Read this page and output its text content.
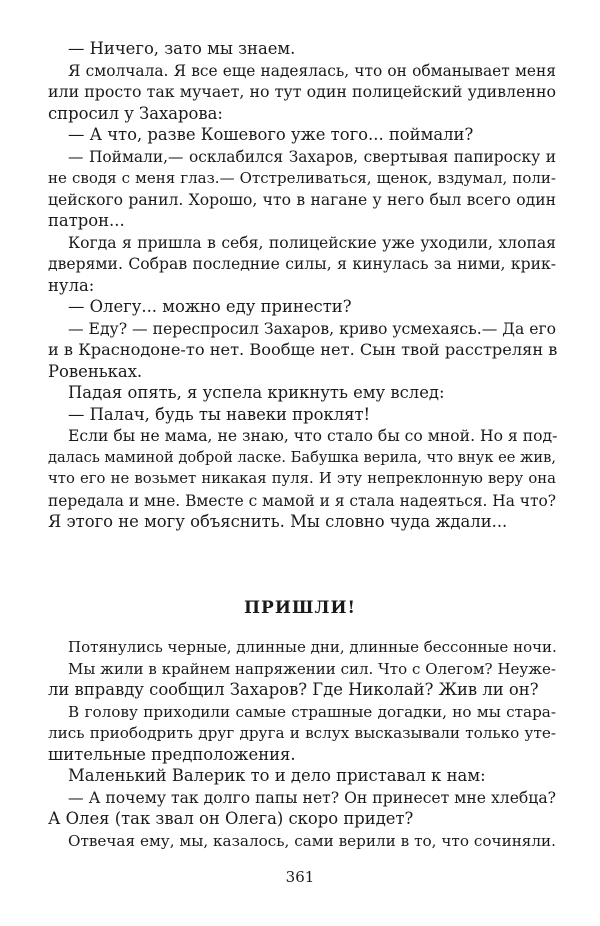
— Ничего, зато мы знаем.
Я смолчала. Я все еще надеялась, что он обманывает меня
или просто так мучает, но тут один полицейский удивленно
спросил у Захарова:
— А что, разве Кошевого уже того... поймали?
— Поймали,— осклабился Захаров, свертывая папироску и
не сводя с меня глаз.— Отстреливаться, щенок, вздумал, поли-
цейского ранил. Хорошо, что в нагане у него был всего один
патрон...
Когда я пришла в себя, полицейские уже уходили, хлопая
дверями. Собрав последние силы, я кинулась за ними, крик-
нула:
— Олегу... можно еду принести?
— Еду? — переспросил Захаров, криво усмехаясь.— Да его
и в Краснодоне-то нет. Вообще нет. Сын твой расстрелян в
Ровеньках.
Падая опять, я успела крикнуть ему вслед:
— Палач, будь ты навеки проклят!
Если бы не мама, не знаю, что стало бы со мной. Но я под-
далась маминой доброй ласке. Бабушка верила, что внук ее жив,
что его не возьмет никакая пуля. И эту непреклонную веру она
передала и мне. Вместе с мамой и я стала надеяться. На что?
Я этого не могу объяснить. Мы словно чуда ждали...
ПРИШЛИ!
Потянулись черные, длинные дни, длинные бессонные ночи.
Мы жили в крайнем напряжении сил. Что с Олегом? Неуже-
ли вправду сообщил Захаров? Где Николай? Жив ли он?
В голову приходили самые страшные догадки, но мы стара-
лись приободрить друг друга и вслух высказывали только уте-
шительные предположения.
Маленький Валерик то и дело приставал к нам:
— А почему так долго папы нет? Он принесет мне хлебца?
А Олея (так звал он Олега) скоро придет?
Отвечая ему, мы, казалось, сами верили в то, что сочиняли.
361
